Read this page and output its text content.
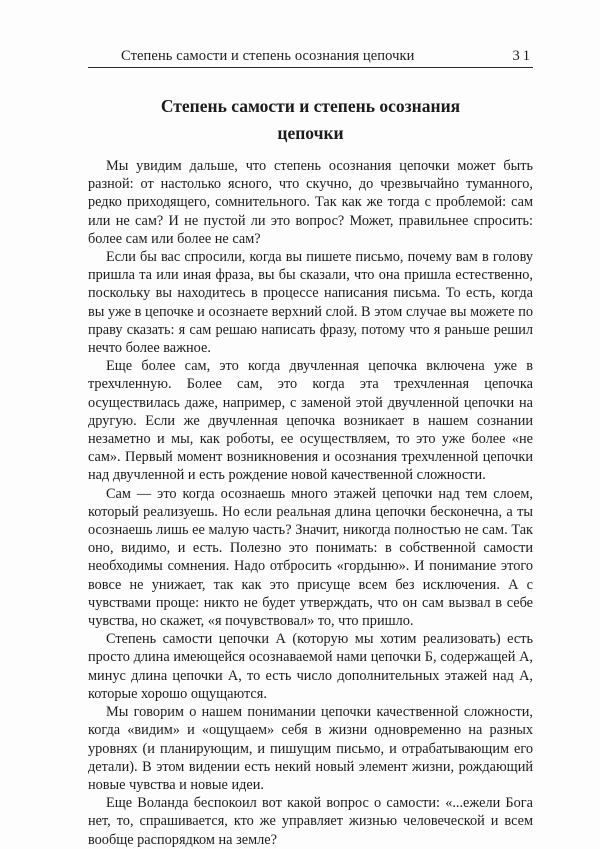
Степень самости и степень осознания цепочки	31
Степень самости и степень осознания
цепочки

Мы увидим дальше, что степень осознания цепочки может быть разной: от настолько ясного, что скучно, до чрезвычайно туманного, редко приходящего, сомнительного. Так как же тогда с проблемой: сам или не сам? И не пустой ли это вопрос? Может, правильнее спросить: более сам или более не сам?

Если бы вас спросили, когда вы пишете письмо, почему вам в голову пришла та или иная фраза, вы бы сказали, что она пришла естественно, поскольку вы находитесь в процессе написания письма. То есть, когда вы уже в цепочке и осознаете верхний слой. В этом случае вы можете по праву сказать: я сам решаю написать фразу, потому что я раньше решил нечто более важное.

Еще более сам, это когда двучленная цепочка включена уже в трехчленную. Более сам, это когда эта трехчленная цепочка осуществилась даже, например, с заменой этой двучленной цепочки на другую. Если же двучленная цепочка возникает в нашем сознании незаметно и мы, как роботы, ее осуществляем, то это уже более «не сам». Первый момент возникновения и осознания трехчленной цепочки над двучленной и есть рождение новой качественной сложности.

Сам — это когда осознаешь много этажей цепочки над тем слоем, который реализуешь. Но если реальная длина цепочки бесконечна, а ты осознаешь лишь ее малую часть? Значит, никогда полностью не сам. Так оно, видимо, и есть. Полезно это понимать: в собственной самости необходимы сомнения. Надо отбросить «гордыню». И понимание этого вовсе не унижает, так как это присуще всем без исключения. А с чувствами проще: никто не будет утверждать, что он сам вызвал в себе чувства, но скажет, «я почувствовал» то, что пришло.

Степень самости цепочки А (которую мы хотим реализовать) есть просто длина имеющейся осознаваемой нами цепочки Б, содержащей А, минус длина цепочки А, то есть число дополнительных этажей над А, которые хорошо ощущаются.

Мы говорим о нашем понимании цепочки качественной сложности, когда «видим» и «ощущаем» себя в жизни одновременно на разных уровнях (и планирующим, и пишущим письмо, и отрабатывающим его детали). В этом видении есть некий новый элемент жизни, рождающий новые чувства и новые идеи.

Еще Воланда беспокоил вот какой вопрос о самости: «...ежели Бога нет, то, спрашивается, кто же управляет жизнью человеческой и всем вообще распорядком на земле?
